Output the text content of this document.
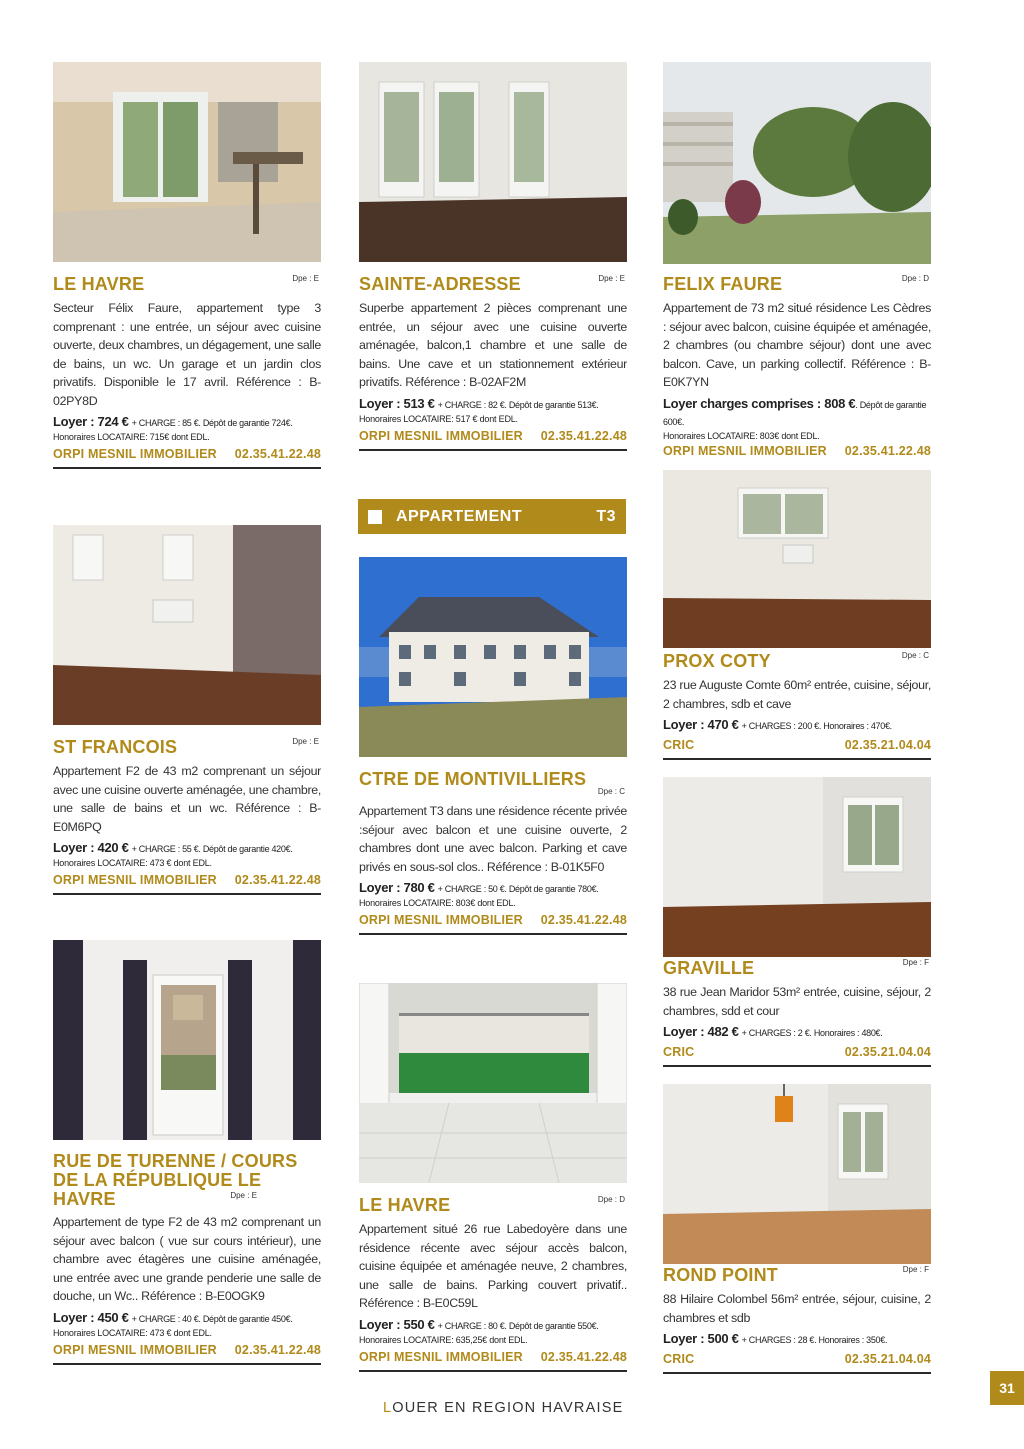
LE HAVRE	Dpe : E
Secteur Félix Faure, appartement type 3 comprenant : une entrée, un séjour avec cuisine ouverte, deux chambres, un dégagement, une salle de bains, un wc. Un garage et un jardin clos privatifs. Disponible le 17 avril. Référence : B-02PY8D
Loyer : 724 € + CHARGE : 85 €. Dépôt de garantie 724€.
Honoraires LOCATAIRE: 715€ dont EDL.
ORPI MESNIL IMMOBILIER 02.35.41.22.48
SAINTE-ADRESSE	Dpe : E
Superbe appartement 2 pièces comprenant une entrée, un séjour avec une cuisine ouverte aménagée, balcon,1 chambre et une salle de bains. Une cave et un stationnement extérieur privatifs. Référence : B-02AF2M
Loyer : 513 € + CHARGE : 82 €. Dépôt de garantie 513€.
Honoraires LOCATAIRE: 517 € dont EDL.
ORPI MESNIL IMMOBILIER 02.35.41.22.48
FELIX FAURE	Dpe : D
Appartement de 73 m2 situé résidence Les Cèdres : séjour avec balcon, cuisine équipée et aménagée, 2 chambres (ou chambre séjour) dont une avec balcon. Cave, un parking collectif. Référence : B-E0K7YN
Loyer charges comprises : 808 €. Dépôt de garantie 600€.
Honoraires LOCATAIRE: 803€ dont EDL.
ORPI MESNIL IMMOBILIER 02.35.41.22.48
ST FRANCOIS	Dpe : E
Appartement F2 de 43 m2 comprenant un séjour avec une cuisine ouverte aménagée, une chambre, une salle de bains et un wc. Référence : B-E0M6PQ
Loyer : 420 € + CHARGE : 55 €. Dépôt de garantie 420€.
Honoraires LOCATAIRE: 473 € dont EDL.
ORPI MESNIL IMMOBILIER 02.35.41.22.48
APPARTEMENT	T3
CTRE DE MONTIVILLIERS
Dpe : C
Appartement T3 dans une résidence récente privée :séjour avec balcon et une cuisine ouverte, 2 chambres dont une avec balcon. Parking et cave privés en sous-sol clos.. Référence : B-01K5F0
Loyer : 780 € + CHARGE : 50 €. Dépôt de garantie 780€.
Honoraires LOCATAIRE: 803€ dont EDL.
ORPI MESNIL IMMOBILIER 02.35.41.22.48
PROX COTY	Dpe : C
23 rue Auguste Comte 60m² entrée, cuisine, séjour, 2 chambres, sdb et cave
Loyer : 470 € + CHARGES : 200 €. Honoraires : 470€.
CRIC	02.35.21.04.04
GRAVILLE	Dpe : F
38 rue Jean Maridor 53m² entrée, cuisine, séjour, 2 chambres, sdd et cour
Loyer : 482 € + CHARGES : 2 €. Honoraires : 480€.
CRIC	02.35.21.04.04
RUE DE TURENNE / COURS DE LA RÉPUBLIQUE LE HAVRE	Dpe : E
Appartement de type F2 de 43 m2 comprenant un séjour avec balcon ( vue sur cours intérieur), une chambre avec étagères une cuisine aménagée, une entrée avec une grande penderie une salle de douche, un Wc.. Référence : B-E0OGK9
Loyer : 450 € + CHARGE : 40 €. Dépôt de garantie 450€.
Honoraires LOCATAIRE: 473 € dont EDL.
ORPI MESNIL IMMOBILIER 02.35.41.22.48
LE HAVRE	Dpe : D
Appartement situé 26 rue Labedoyère dans une résidence récente avec séjour accès balcon, cuisine équipée et aménagée neuve, 2 chambres, une salle de bains. Parking couvert privatif.. Référence : B-E0C59L
Loyer : 550 € + CHARGE : 80 €. Dépôt de garantie 550€.
Honoraires LOCATAIRE: 635,25€ dont EDL.
ORPI MESNIL IMMOBILIER 02.35.41.22.48
ROND POINT	Dpe : F
88 Hilaire Colombel 56m² entrée, séjour, cuisine, 2 chambres et sdb
Loyer : 500 € + CHARGES : 28 €. Honoraires : 350€.
CRIC	02.35.21.04.04
LOUER EN REGION HAVRAISE
31
